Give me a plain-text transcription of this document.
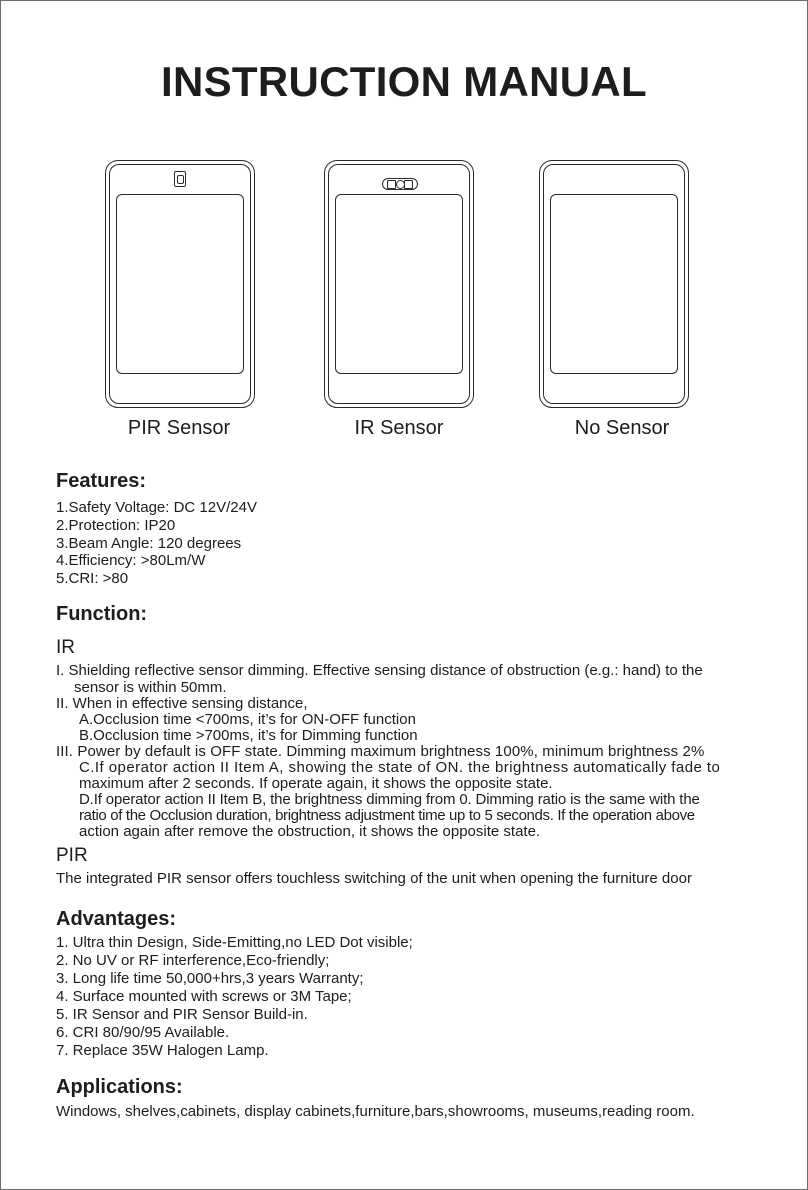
INSTRUCTION MANUAL
PIR Sensor	IR Sensor	No Sensor
Features:
1.Safety Voltage: DC 12V/24V
2.Protection: IP20
3.Beam Angle: 120 degrees
4.Efficiency: >80Lm/W
5.CRI: >80
Function:
IR
I. Shielding reflective sensor dimming. Effective sensing distance of obstruction (e.g.: hand) to the
sensor is within 50mm.
II. When in effective sensing distance,
A.Occlusion time <700ms, it’s for ON-OFF function
B.Occlusion time >700ms, it’s for Dimming function
III. Power by default is OFF state. Dimming maximum brightness 100%, minimum brightness 2%
C.If operator action II Item A, showing the state of ON. the brightness automatically fade to
maximum after 2 seconds. If operate again, it shows the opposite state.
D.If operator action II Item B, the brightness dimming from 0. Dimming ratio is the same with the
ratio of the Occlusion duration, brightness adjustment time up to 5 seconds. If the operation above
action again after remove the obstruction, it shows the opposite state.
PIR
The integrated PIR sensor offers touchless switching of the unit when opening the furniture door
Advantages:
1. Ultra thin Design, Side-Emitting,no LED Dot visible;
2. No UV or RF interference,Eco-friendly;
3. Long life time 50,000+hrs,3 years Warranty;
4. Surface mounted with screws or 3M Tape;
5. IR Sensor and PIR Sensor Build-in.
6. CRI 80/90/95 Available.
7. Replace 35W Halogen Lamp.
Applications:
Windows, shelves,cabinets, display cabinets,furniture,bars,showrooms, museums,reading room.
